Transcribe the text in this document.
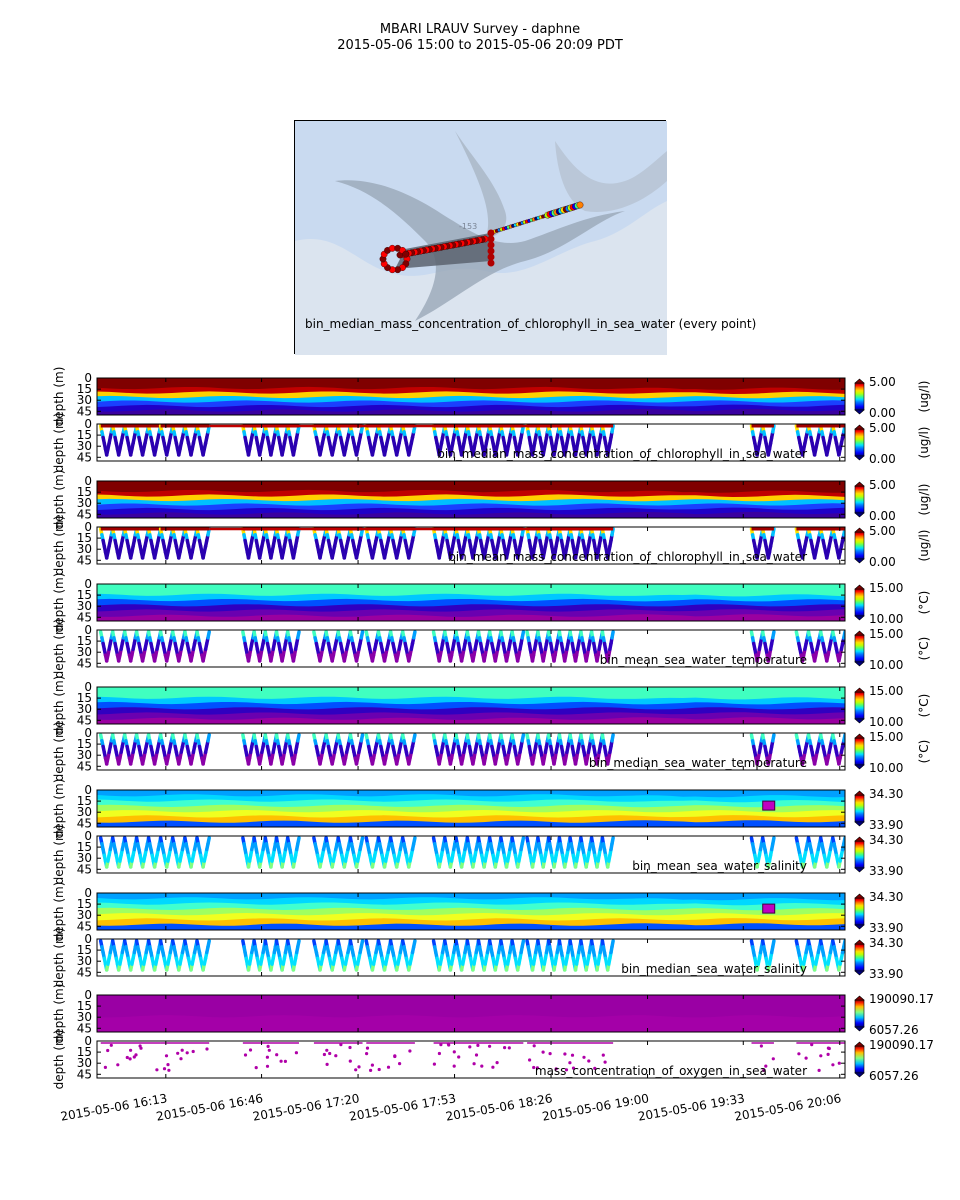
MBARI LRAUV Survey - daphne
2015-05-06 15:00 to 2015-05-06 20:09 PDT
-153
bin_median_mass_concentration_of_chlorophyll_in_sea_water (every point)
0
15
30
45
depth (m)	5.00
0.00
(ug/l)
0
15
30
45
depth (m)	bin_median_mass_concentration_of_chlorophyll_in_sea_water
5.00
0.00
(ug/l)
0
15
30
45
depth (m)	5.00
0.00
(ug/l)
0
15
30
45
depth (m)	bin_mean_mass_concentration_of_chlorophyll_in_sea_water
5.00
0.00
(ug/l)
0
15
30
45
depth (m)	15.00
10.00
(°C)
0
15
30
45
depth (m)	bin_mean_sea_water_temperature
15.00
10.00
(°C)
0
15
30
45
depth (m)	15.00
10.00
(°C)
0
15
30
45
depth (m)	bin_median_sea_water_temperature
15.00
10.00
(°C)
0
15
30
45
depth (m)	34.30
33.90
0
15
30
45
depth (m)	bin_mean_sea_water_salinity
34.30
33.90
0
15
30
45
depth (m)	34.30
33.90
0
15
30
45
depth (m)	bin_median_sea_water_salinity
34.30
33.90
0
15
30
45
depth (m)	190090.17
6057.26
0
15
30
45
depth (m)	mass_concentration_of_oxygen_in_sea_water
190090.17
6057.26
2015-05-06 16:13
2015-05-06 16:46
2015-05-06 17:20
2015-05-06 17:53
2015-05-06 18:26
2015-05-06 19:00
2015-05-06 19:33
2015-05-06 20:06
